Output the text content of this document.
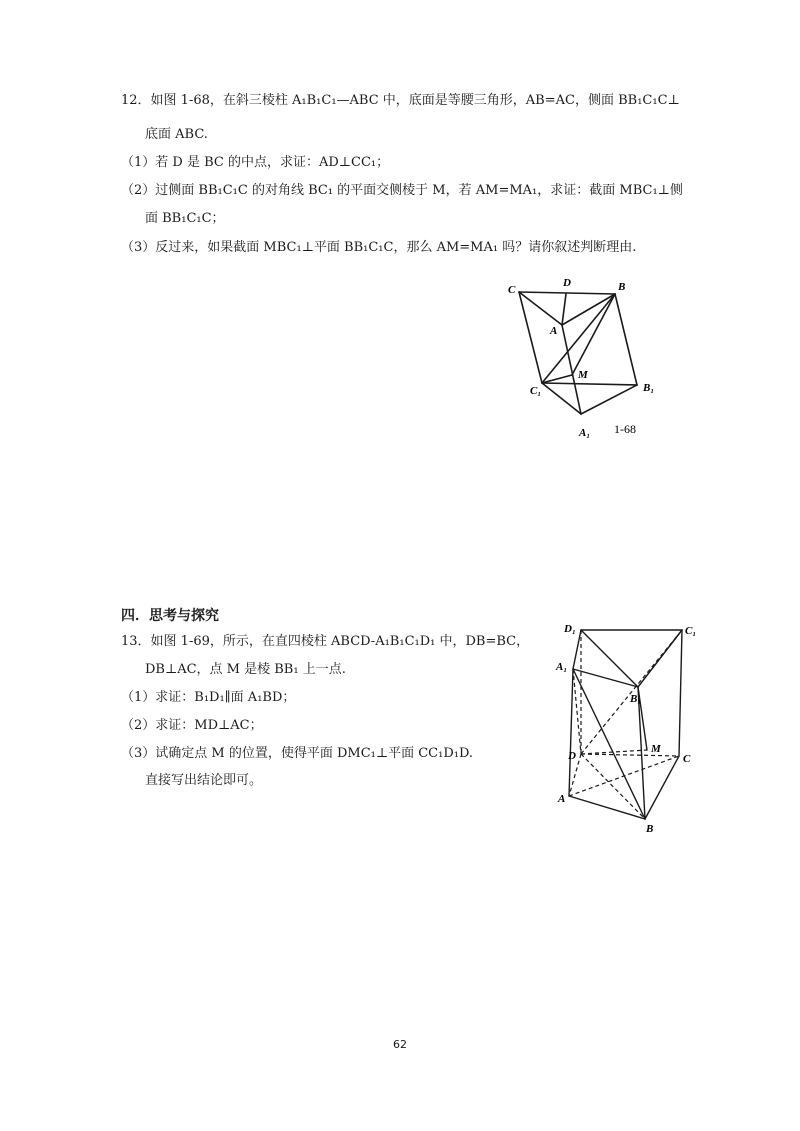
12．如图 1-68，在斜三棱柱 A₁B₁C₁—ABC 中，底面是等腰三角形，AB=AC，侧面 BB₁C₁C⊥
底面 ABC.
（1）若 D 是 BC 的中点，求证：AD⊥CC₁；
（2）过侧面 BB₁C₁C 的对角线 BC₁ 的平面交侧棱于 M，若 AM=MA₁，求证：截面 MBC₁⊥侧
面 BB₁C₁C；
（3）反过来，如果截面 MBC₁⊥平面 BB₁C₁C，那么 AM=MA₁ 吗？请你叙述判断理由.
C
D	B
A
M
C₁	B₁
A₁ 1-68
四．思考与探究
13．如图 1-69，所示，在直四棱柱 ABCD-A₁B₁C₁D₁ 中，DB=BC，
DB⊥AC，点 M 是棱 BB₁ 上一点.
（1）求证：B₁D₁∥面 A₁BD；
（2）求证：MD⊥AC；
（3）试确定点 M 的位置，使得平面 DMC₁⊥平面 CC₁D₁D.
直接写出结论即可。
D₁	C₁
A₁
B₁
D
M
C
A
B
62
